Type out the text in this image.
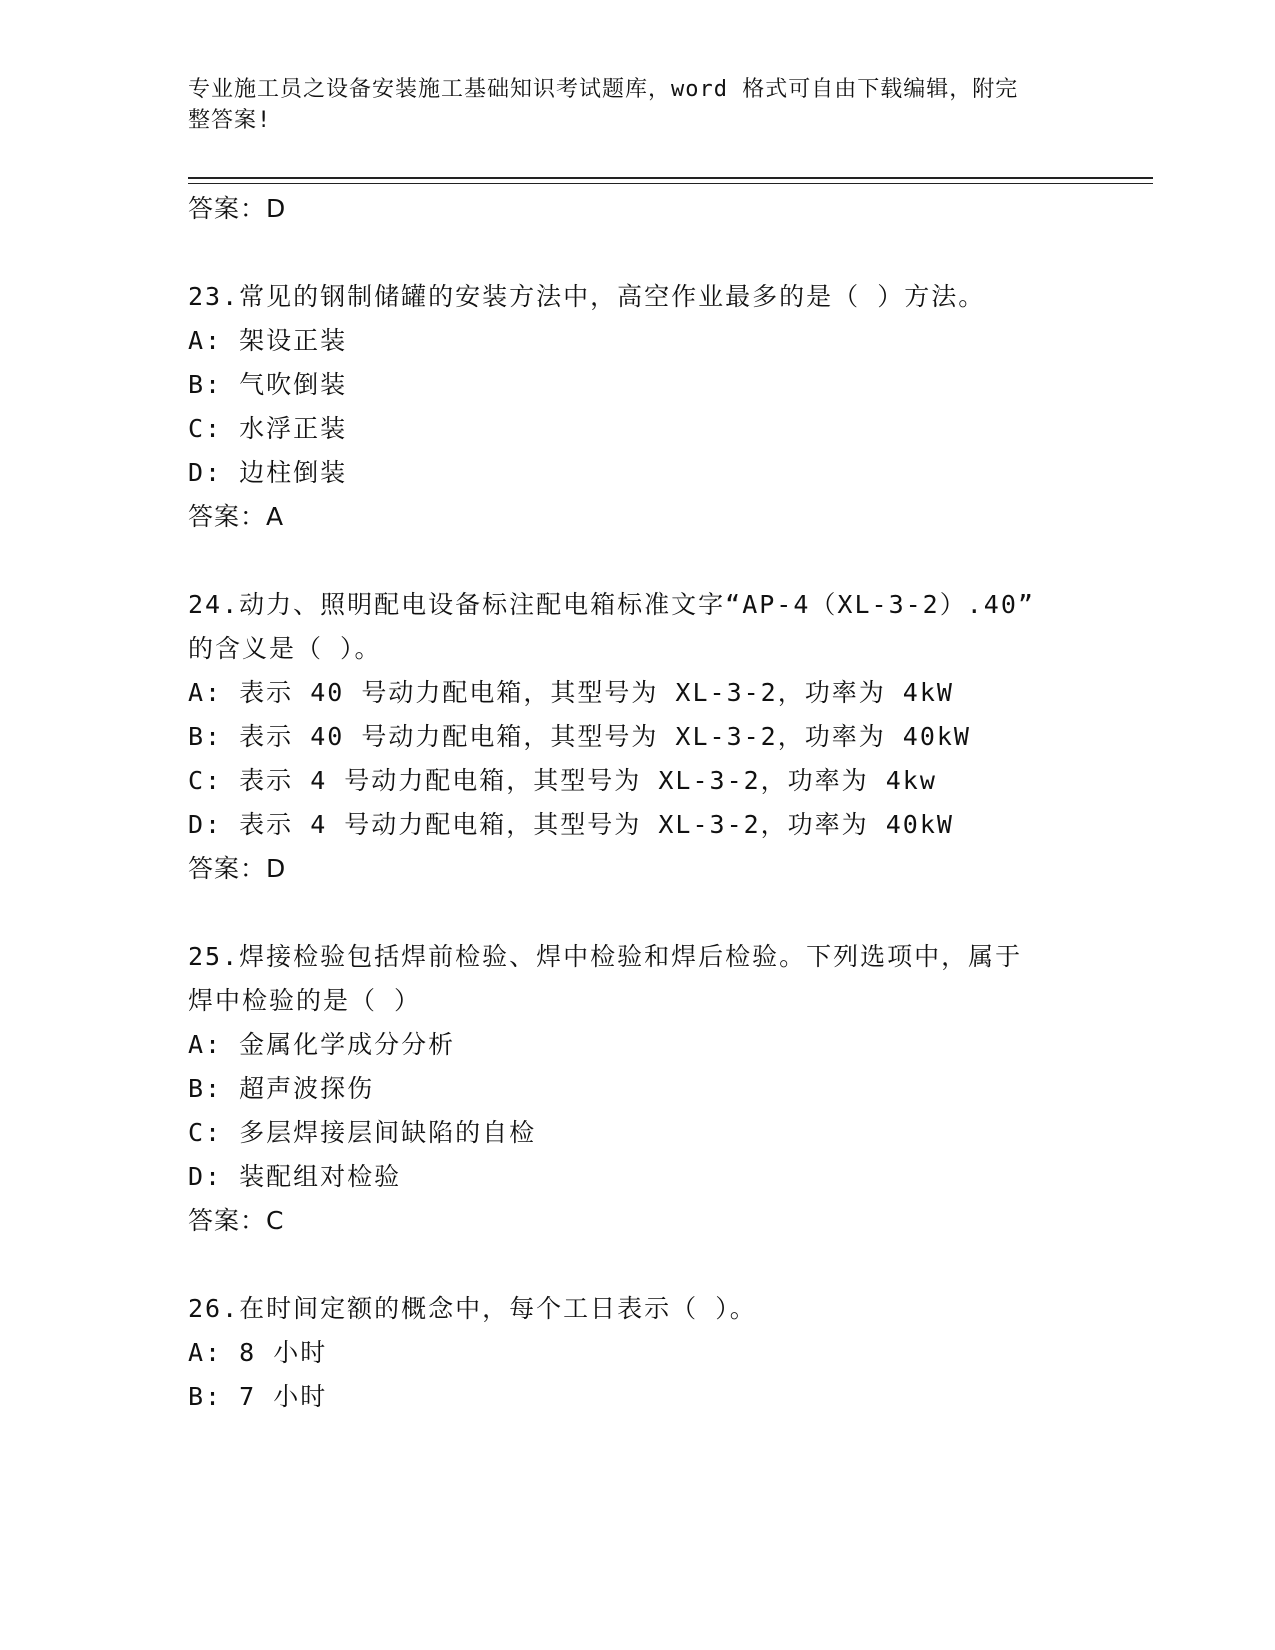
专业施工员之设备安装施工基础知识考试题库，word 格式可自由下载编辑，附完
整答案!
答案：D
23.常见的钢制储罐的安装方法中，高空作业最多的是（ ）方法。
A: 架设正装
B: 气吹倒装
C: 水浮正装
D: 边柱倒装
答案：A
24.动力、照明配电设备标注配电箱标准文字“AP-4（XL-3-2）.40”
的含义是（ ）。
A: 表示 40 号动力配电箱，其型号为 XL-3-2，功率为 4kW
B: 表示 40 号动力配电箱，其型号为 XL-3-2，功率为 40kW
C: 表示 4 号动力配电箱，其型号为 XL-3-2，功率为 4kw
D: 表示 4 号动力配电箱，其型号为 XL-3-2，功率为 40kW
答案：D
25.焊接检验包括焊前检验、焊中检验和焊后检验。下列选项中，属于
焊中检验的是（ ）
A: 金属化学成分分析
B: 超声波探伤
C: 多层焊接层间缺陷的自检
D: 装配组对检验
答案：C
26.在时间定额的概念中，每个工日表示（ ）。
A: 8 小时
B: 7 小时
